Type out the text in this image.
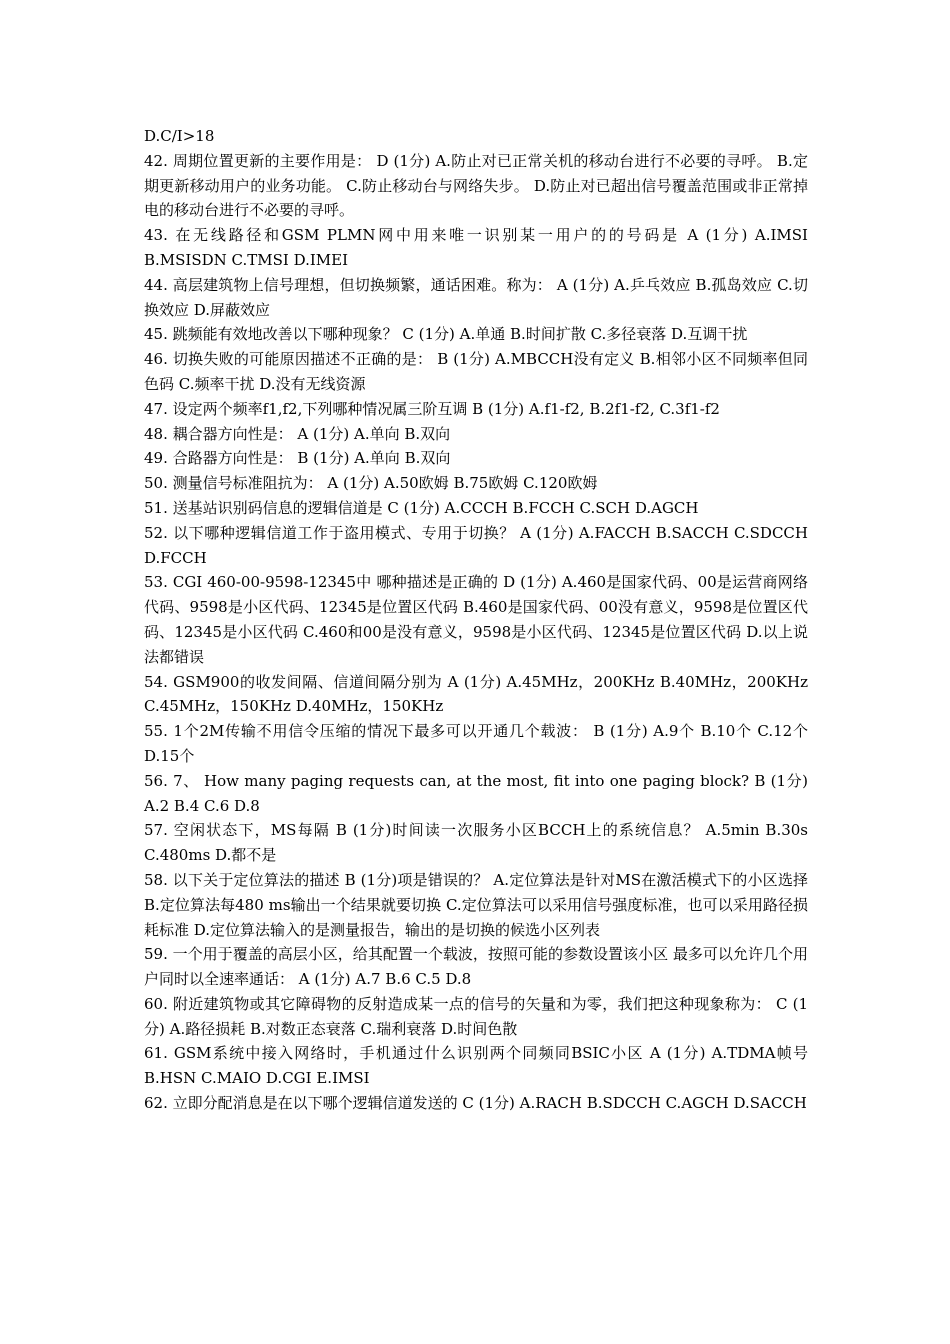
D.C/I>18

42. 周期位置更新的主要作用是： D (1分) A.防止对已正常关机的移动台进行不必要的寻呼。 B.定期更新移动用户的业务功能。 C.防止移动台与网络失步。 D.防止对已超出信号覆盖范围或非正常掉电的移动台进行不必要的寻呼。

43. 在无线路径和GSM PLMN网中用来唯一识别某一用户的的号码是 A (1分) A.IMSI B.MSISDN C.TMSI D.IMEI

44. 高层建筑物上信号理想，但切换频繁，通话困难。称为： A (1分) A.乒乓效应 B.孤岛效应 C.切换效应 D.屏蔽效应

45. 跳频能有效地改善以下哪种现象？ C (1分) A.单通 B.时间扩散 C.多径衰落 D.互调干扰

46. 切换失败的可能原因描述不正确的是： B (1分) A.MBCCH没有定义 B.相邻小区不同频率但同色码 C.频率干扰 D.没有无线资源

47. 设定两个频率f1,f2,下列哪种情况属三阶互调 B (1分) A.f1-f2, B.2f1-f2, C.3f1-f2

48. 耦合器方向性是： A (1分) A.单向 B.双向

49. 合路器方向性是： B (1分) A.单向 B.双向

50. 测量信号标准阻抗为： A (1分) A.50欧姆 B.75欧姆 C.120欧姆

51. 送基站识别码信息的逻辑信道是 C (1分) A.CCCH B.FCCH C.SCH D.AGCH

52. 以下哪种逻辑信道工作于盗用模式、专用于切换？ A (1分) A.FACCH B.SACCH C.SDCCH D.FCCH

53. CGI 460-00-9598-12345中 哪种描述是正确的 D (1分) A.460是国家代码、00是运营商网络代码、9598是小区代码、12345是位置区代码 B.460是国家代码、00没有意义，9598是位置区代码、12345是小区代码 C.460和00是没有意义，9598是小区代码、12345是位置区代码 D.以上说法都错误

54. GSM900的收发间隔、信道间隔分别为 A (1分) A.45MHz，200KHz B.40MHz，200KHz C.45MHz，150KHz D.40MHz，150KHz

55. 1个2M传输不用信令压缩的情况下最多可以开通几个载波： B (1分) A.9个 B.10个 C.12个 D.15个

56. 7、 How many paging requests can, at the most, fit into one paging block? B (1分) A.2 B.4 C.6 D.8

57. 空闲状态下，MS每隔 B (1分)时间读一次服务小区BCCH上的系统信息？ A.5min B.30s C.480ms D.都不是

58. 以下关于定位算法的描述 B (1分)项是错误的？ A.定位算法是针对MS在激活模式下的小区选择 B.定位算法每480 ms输出一个结果就要切换 C.定位算法可以采用信号强度标准，也可以采用路径损耗标准 D.定位算法输入的是测量报告，输出的是切换的候选小区列表

59. 一个用于覆盖的高层小区，给其配置一个载波，按照可能的参数设置该小区 最多可以允许几个用户同时以全速率通话： A (1分) A.7 B.6 C.5 D.8

60. 附近建筑物或其它障碍物的反射造成某一点的信号的矢量和为零，我们把这种现象称为： C (1分) A.路径损耗 B.对数正态衰落 C.瑞利衰落 D.时间色散

61. GSM系统中接入网络时，手机通过什么识别两个同频同BSIC小区 A (1分) A.TDMA帧号 B.HSN C.MAIO D.CGI E.IMSI

62. 立即分配消息是在以下哪个逻辑信道发送的 C (1分) A.RACH B.SDCCH C.AGCH D.SACCH
